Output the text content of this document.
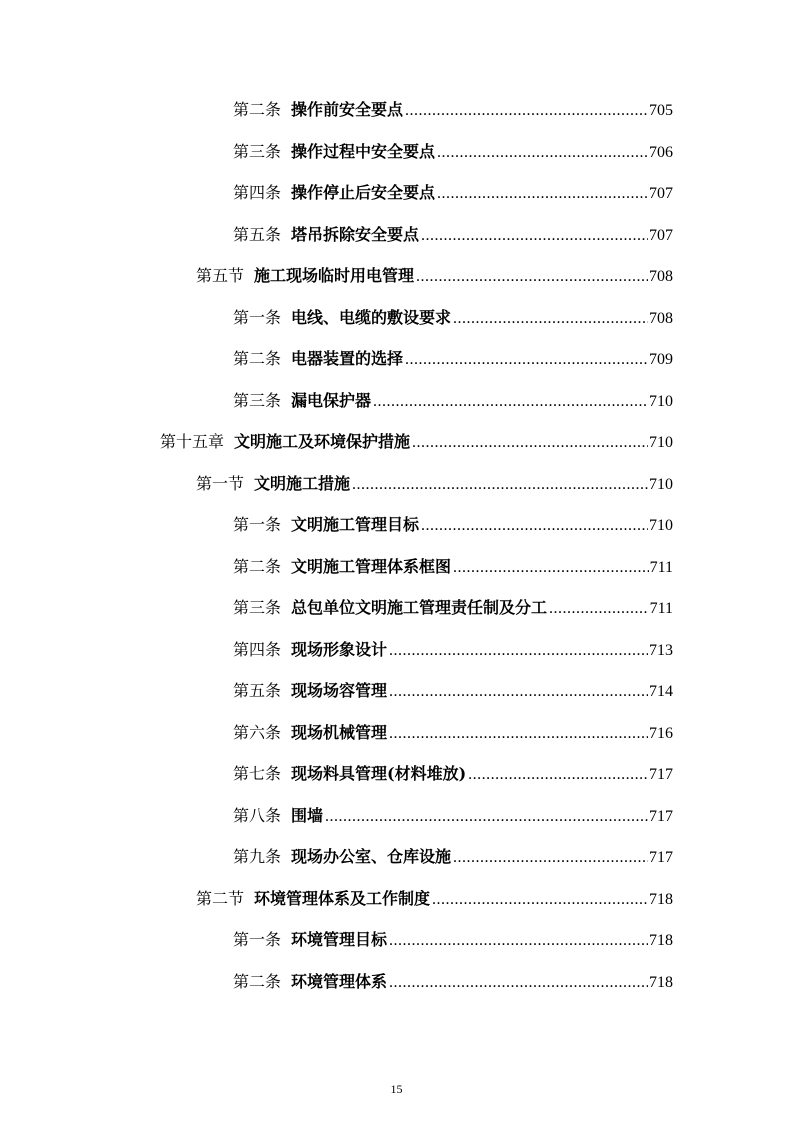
第二条 操作前安全要点 .....	705
第三条 操作过程中安全要点 .....	706
第四条 操作停止后安全要点 .....	707
第五条 塔吊拆除安全要点 .....	707
第五节 施工现场临时用电管理 .....	708
第一条 电线、电缆的敷设要求 .....	708
第二条 电器装置的选择 .....	709
第三条 漏电保护器 .....	710
第十五章 文明施工及环境保护措施 .....	710
第一节 文明施工措施 .....	710
第一条 文明施工管理目标 .....	710
第二条 文明施工管理体系框图 .....	711
第三条 总包单位文明施工管理责任制及分工 .....	711
第四条 现场形象设计 .....	713
第五条 现场场容管理 .....	714
第六条 现场机械管理 .....	716
第七条 现场料具管理(材料堆放) .....	717
第八条 围墙 .....	717
第九条 现场办公室、仓库设施 .....	717
第二节 环境管理体系及工作制度 .....	718
第一条 环境管理目标 .....	718
第二条 环境管理体系 .....	718
15
